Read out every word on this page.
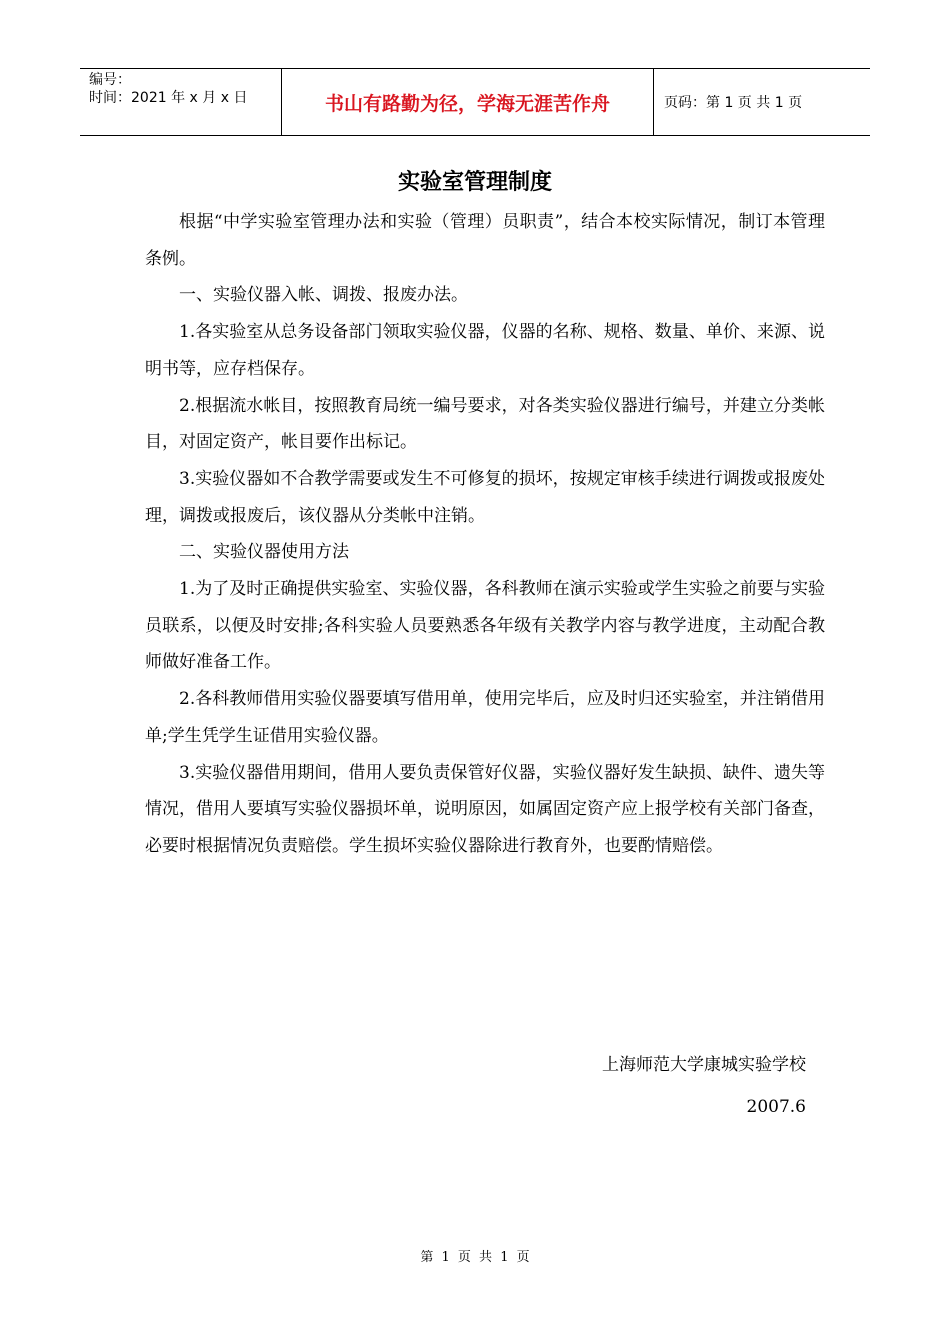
编号：
时间：2021 年 x 月 x 日	书山有路勤为径，学海无涯苦作舟	页码：第 1 页 共 1 页
实验室管理制度

根据“中学实验室管理办法和实验（管理）员职责”，结合本校实际情况，制订本管理条例。

一、实验仪器入帐、调拨、报废办法。

1.各实验室从总务设备部门领取实验仪器，仪器的名称、规格、数量、单价、来源、说明书等，应存档保存。

2.根据流水帐目，按照教育局统一编号要求，对各类实验仪器进行编号，并建立分类帐目，对固定资产，帐目要作出标记。

3.实验仪器如不合教学需要或发生不可修复的损坏，按规定审核手续进行调拨或报废处理，调拨或报废后，该仪器从分类帐中注销。

二、实验仪器使用方法

1.为了及时正确提供实验室、实验仪器，各科教师在演示实验或学生实验之前要与实验员联系，以便及时安排;各科实验人员要熟悉各年级有关教学内容与教学进度，主动配合教师做好准备工作。

2.各科教师借用实验仪器要填写借用单，使用完毕后，应及时归还实验室，并注销借用单;学生凭学生证借用实验仪器。

3.实验仪器借用期间，借用人要负责保管好仪器，实验仪器好发生缺损、缺件、遗失等情况，借用人要填写实验仪器损坏单，说明原因，如属固定资产应上报学校有关部门备查，必要时根据情况负责赔偿。学生损坏实验仪器除进行教育外，也要酌情赔偿。

上海师范大学康城实验学校
2007.6
第 1 页 共 1 页
